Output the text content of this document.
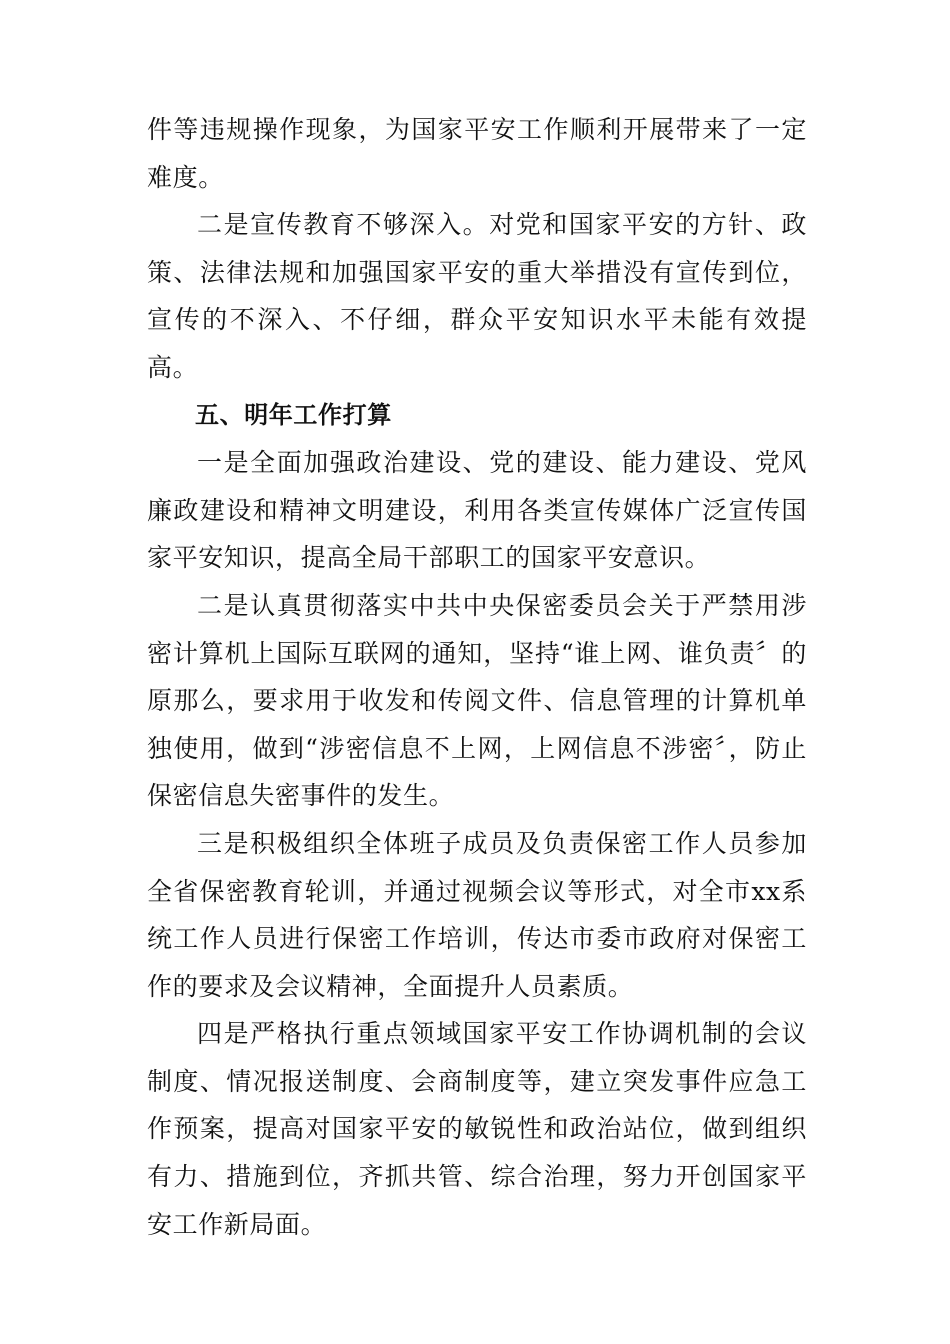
件等违规操作现象，为国家平安工作顺利开展带来了一定难度。

二是宣传教育不够深入。对党和国家平安的方针、政策、法律法规和加强国家平安的重大举措没有宣传到位，宣传的不深入、不仔细，群众平安知识水平未能有效提高。

五、明年工作打算

一是全面加强政治建设、党的建设、能力建设、党风廉政建设和精神文明建设，利用各类宣传媒体广泛宣传国家平安知识，提高全局干部职工的国家平安意识。

二是认真贯彻落实中共中央保密委员会关于严禁用涉密计算机上国际互联网的通知，坚持“谁上网、谁负责〞的原那么，要求用于收发和传阅文件、信息管理的计算机单独使用，做到“涉密信息不上网，上网信息不涉密〞，防止保密信息失密事件的发生。

三是积极组织全体班子成员及负责保密工作人员参加全省保密教育轮训，并通过视频会议等形式，对全市xx系统工作人员进行保密工作培训，传达市委市政府对保密工作的要求及会议精神，全面提升人员素质。

四是严格执行重点领域国家平安工作协调机制的会议制度、情况报送制度、会商制度等，建立突发事件应急工作预案，提高对国家平安的敏锐性和政治站位，做到组织有力、措施到位，齐抓共管、综合治理，努力开创国家平安工作新局面。
